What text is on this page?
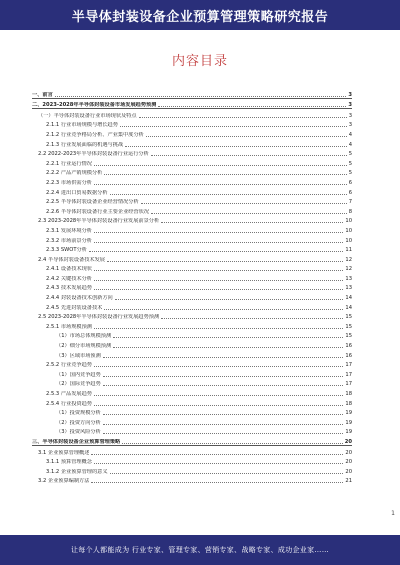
半导体封装设备企业预算管理策略研究报告
内容目录
一、前言	3
二、2023-2028年半导体封装设备市场发展趋势预测	3
（一）半导体封装设备行业市场现状及特点	3
2.1.1 行业市场规模与增长趋势	3
2.1.2 行业竞争格局分析、产业集中度分析	4
2.1.3 行业发展面临的机遇与挑战	4
2.2 2022-2023年半导体封装设备行业运行分析	5
2.2.1 行业运行情况	5
2.2.2 产品产销规模分析	5
2.2.3 市场供需分析	6
2.2.4 进出口贸易数据分析	6
2.2.5 半导体封装设备企业经营情况分析	7
2.2.6 半导体封装设备行业主要企业经营状况	8
2.3 2023-2028年半导体封装设备行业发展前景分析	10
2.3.1 发展环境分析	10
2.3.2 市场前景分析	10
2.3.3 SWOT分析	11
2.4 半导体封装设备技术发展	12
2.4.1 设备技术现状	12
2.4.2 关键技术分析	13
2.4.3 技术发展趋势	13
2.4.4 封装设备技术创新方向	14
2.4.5 先进封装设备技术	14
2.5 2023-2028年半导体封装设备行业发展趋势预测	15
2.5.1 市场规模预测	15
（1）市场总体规模预测	15
（2）细分市场规模预测	16
（3）区域市场预测	16
2.5.2 行业竞争趋势	17
（1）国内竞争趋势	17
（2）国际竞争趋势	17
2.5.3 产品发展趋势	18
2.5.4 行业投资趋势	18
（1）投资规模分析	19
（2）投资方向分析	19
（3）投资风险分析	19
三、半导体封装设备企业预算管理策略	20
3.1 企业预算管理概述	20
3.1.1 预算管理概念	20
3.1.2 企业预算管理的意义	20
3.2 企业预算编制方法	21
1
让每个人都能成为 行业专家、管理专家、营销专家、战略专家、成功企业家……
